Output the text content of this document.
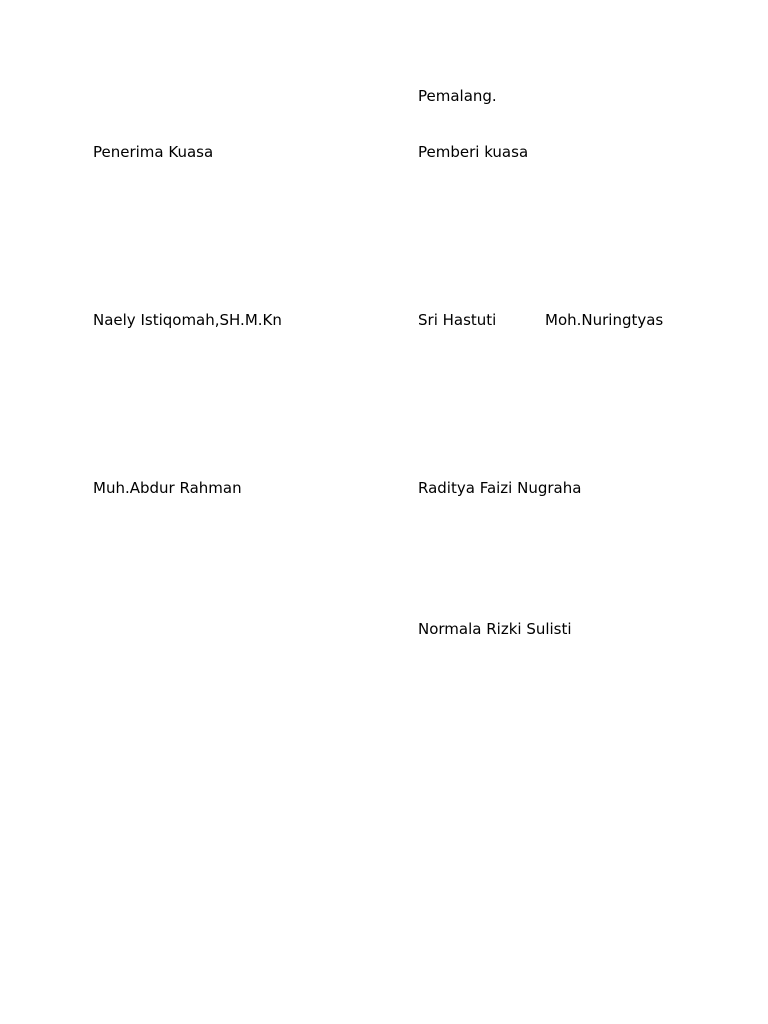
Pemalang.

Penerima Kuasa	Pemberi kuasa

Naely Istiqomah,SH.M.Kn	Sri Hastuti	Moh.Nuringtyas

Muh.Abdur Rahman	Raditya Faizi Nugraha

Normala Rizki Sulisti
